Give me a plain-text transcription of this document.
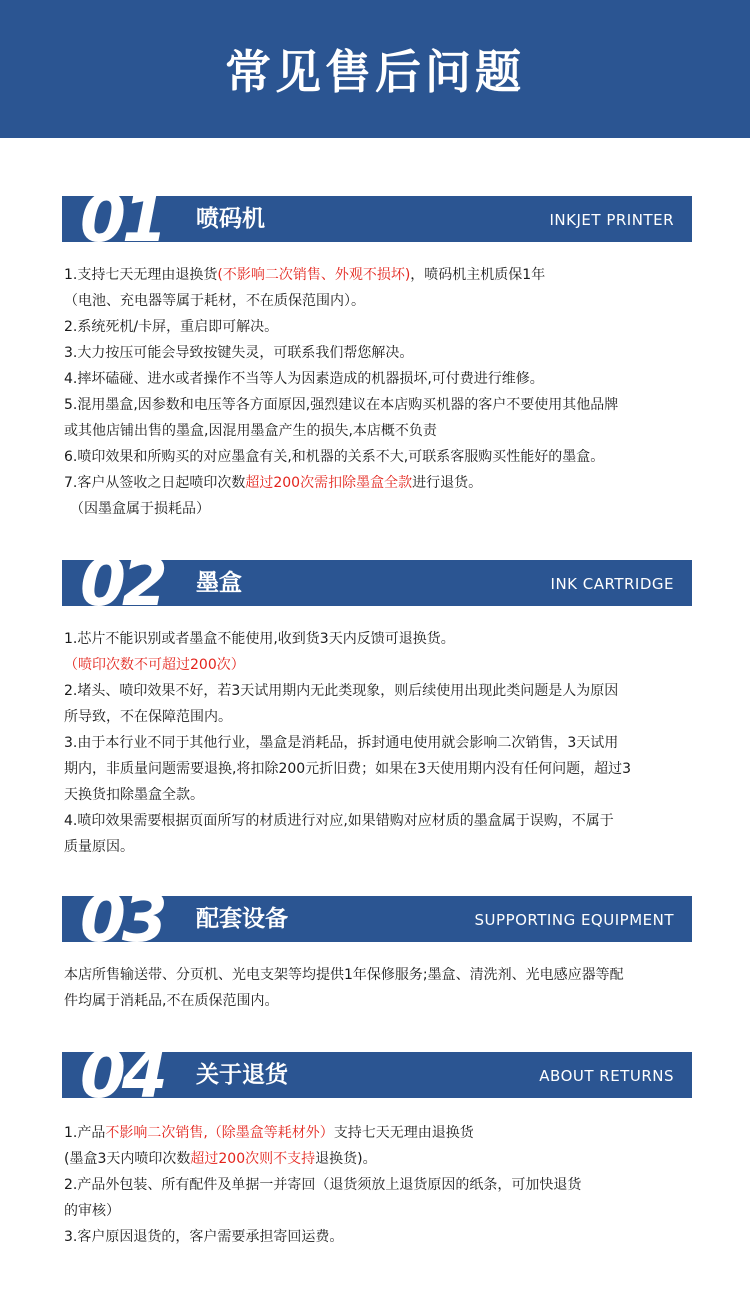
常见售后问题
01 喷码机	INKJET PRINTER

1.支持七天无理由退换货(不影响二次销售、外观不损坏)，喷码机主机质保1年

（电池、充电器等属于耗材，不在质保范围内）。

2.系统死机/卡屏，重启即可解决。

3.大力按压可能会导致按键失灵，可联系我们帮您解决。

4.摔坏磕碰、进水或者操作不当等人为因素造成的机器损坏,可付费进行维修。

5.混用墨盒,因参数和电压等各方面原因,强烈建议在本店购买机器的客户不要使用其他品牌

或其他店铺出售的墨盒,因混用墨盒产生的损失,本店概不负责

6.喷印效果和所购买的对应墨盒有关,和机器的关系不大,可联系客服购买性能好的墨盒。

7.客户从签收之日起喷印次数超过200次需扣除墨盒全款进行退货。

（因墨盒属于损耗品）

02 墨盒	INK CARTRIDGE

1.芯片不能识别或者墨盒不能使用,收到货3天内反馈可退换货。

（喷印次数不可超过200次）

2.堵头、喷印效果不好，若3天试用期内无此类现象，则后续使用出现此类问题是人为原因

所导致，不在保障范围内。

3.由于本行业不同于其他行业，墨盒是消耗品，拆封通电使用就会影响二次销售，3天试用

期内，非质量问题需要退换,将扣除200元折旧费；如果在3天使用期内没有任何问题，超过3

天换货扣除墨盒全款。

4.喷印效果需要根据页面所写的材质进行对应,如果错购对应材质的墨盒属于误购，不属于

质量原因。

03 配套设备	SUPPORTING EQUIPMENT

本店所售输送带、分页机、光电支架等均提供1年保修服务;墨盒、清洗剂、光电感应器等配

件均属于消耗品,不在质保范围内。

04 关于退货	ABOUT RETURNS

1.产品不影响二次销售,（除墨盒等耗材外）支持七天无理由退换货

(墨盒3天内喷印次数超过200次则不支持退换货)。

2.产品外包装、所有配件及单据一并寄回（退货须放上退货原因的纸条，可加快退货

的审核）

3.客户原因退货的，客户需要承担寄回运费。
